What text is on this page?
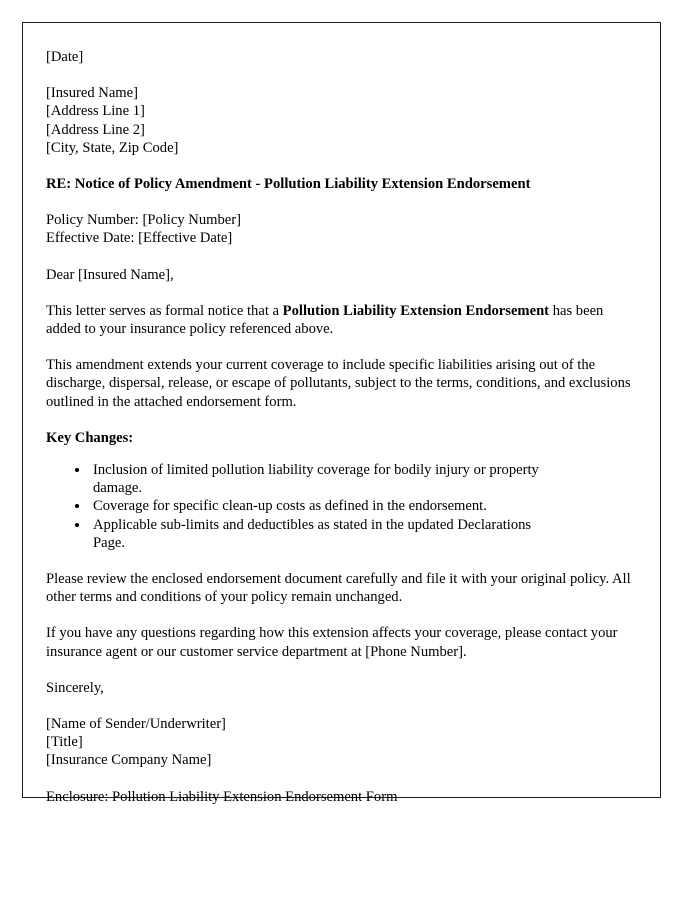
[Date]
[Insured Name]
[Address Line 1]
[Address Line 2]
[City, State, Zip Code]

RE: Notice of Policy Amendment - Pollution Liability Extension Endorsement

Policy Number: [Policy Number]
Effective Date: [Effective Date]

Dear [Insured Name],

This letter serves as formal notice that a Pollution Liability Extension Endorsement has been added to your insurance policy referenced above.

This amendment extends your current coverage to include specific liabilities arising out of the discharge, dispersal, release, or escape of pollutants, subject to the terms, conditions, and exclusions outlined in the attached endorsement form.

Key Changes:

• Inclusion of limited pollution liability coverage for bodily injury or property damage.
• Coverage for specific clean-up costs as defined in the endorsement.
• Applicable sub-limits and deductibles as stated in the updated Declarations Page.

Please review the enclosed endorsement document carefully and file it with your original policy. All other terms and conditions of your policy remain unchanged.

If you have any questions regarding how this extension affects your coverage, please contact your insurance agent or our customer service department at [Phone Number].

Sincerely,

[Name of Sender/Underwriter]
[Title]
[Insurance Company Name]

Enclosure: Pollution Liability Extension Endorsement Form
